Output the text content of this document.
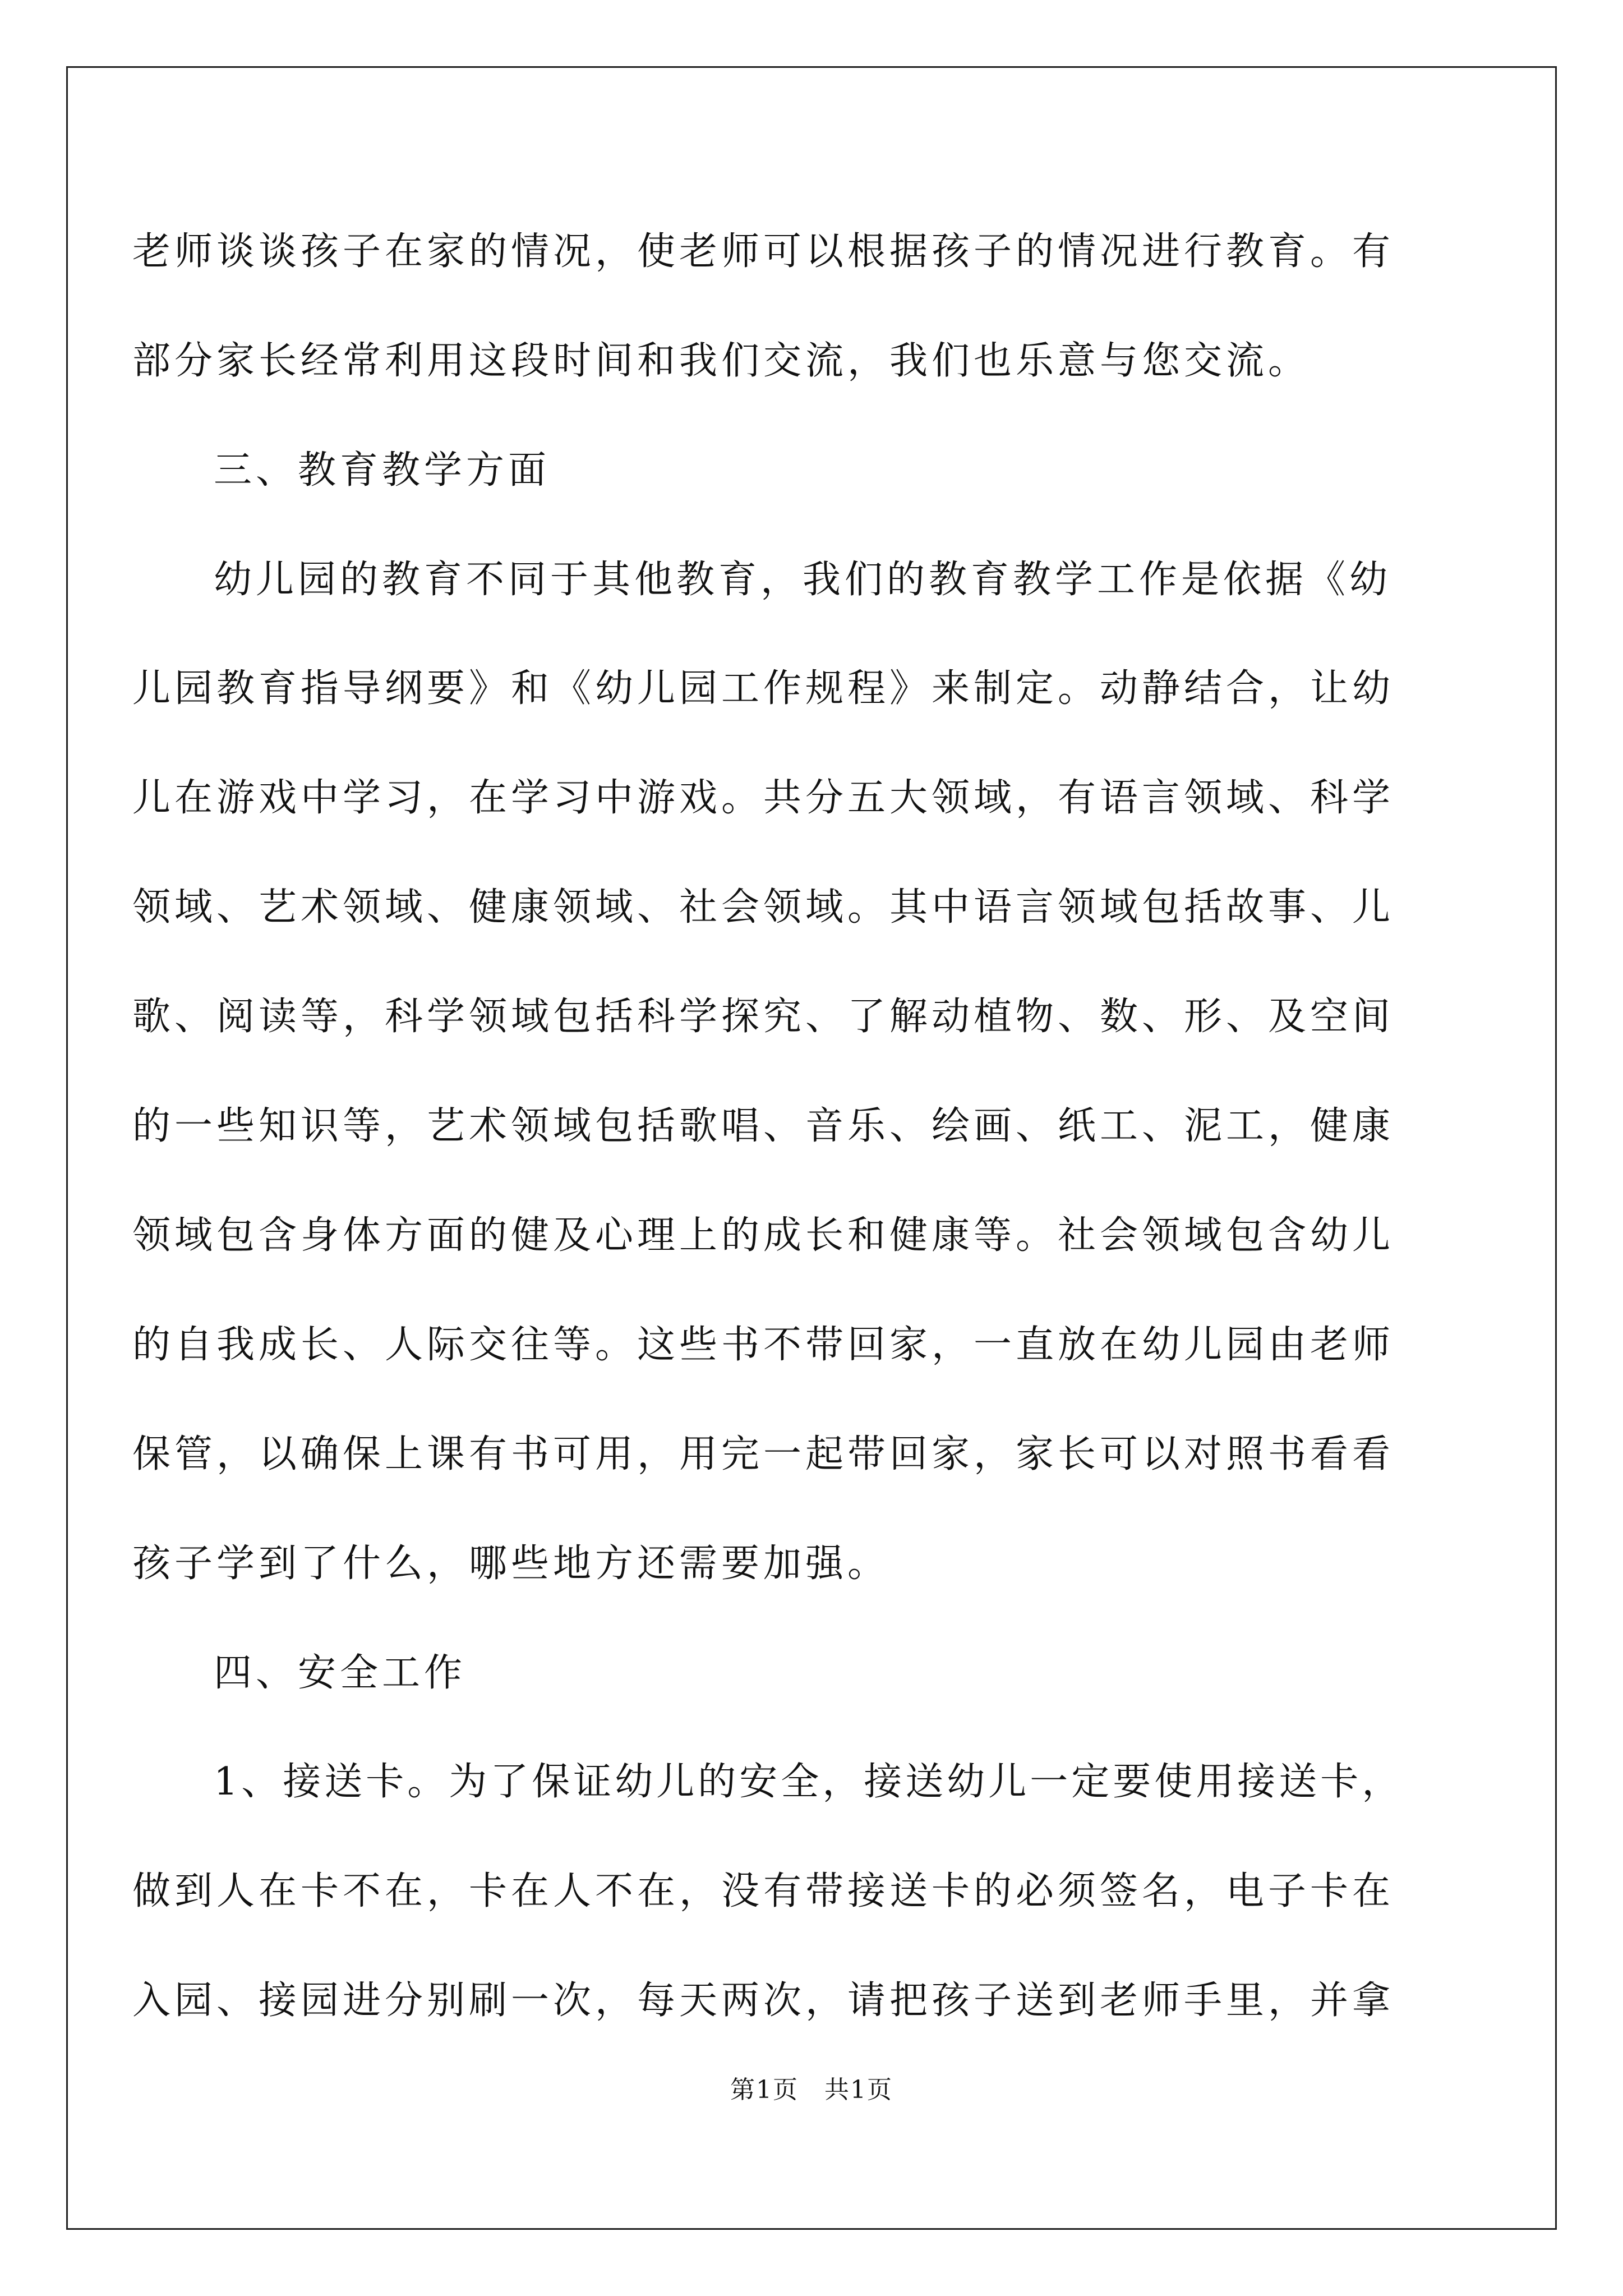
老师谈谈孩子在家的情况，使老师可以根据孩子的情况进行教育。有
部分家长经常利用这段时间和我们交流，我们也乐意与您交流。
三、教育教学方面
幼儿园的教育不同于其他教育，我们的教育教学工作是依据《幼
儿园教育指导纲要》和《幼儿园工作规程》来制定。动静结合，让幼
儿在游戏中学习，在学习中游戏。共分五大领域，有语言领域、科学
领域、艺术领域、健康领域、社会领域。其中语言领域包括故事、儿
歌、阅读等，科学领域包括科学探究、了解动植物、数、形、及空间
的一些知识等，艺术领域包括歌唱、音乐、绘画、纸工、泥工，健康
领域包含身体方面的健及心理上的成长和健康等。社会领域包含幼儿
的自我成长、人际交往等。这些书不带回家，一直放在幼儿园由老师
保管，以确保上课有书可用，用完一起带回家，家长可以对照书看看
孩子学到了什么，哪些地方还需要加强。
四、安全工作
1、接送卡。为了保证幼儿的安全，接送幼儿一定要使用接送卡，
做到人在卡不在，卡在人不在，没有带接送卡的必须签名，电子卡在
入园、接园进分别刷一次，每天两次，请把孩子送到老师手里，并拿
第1页　共1页
